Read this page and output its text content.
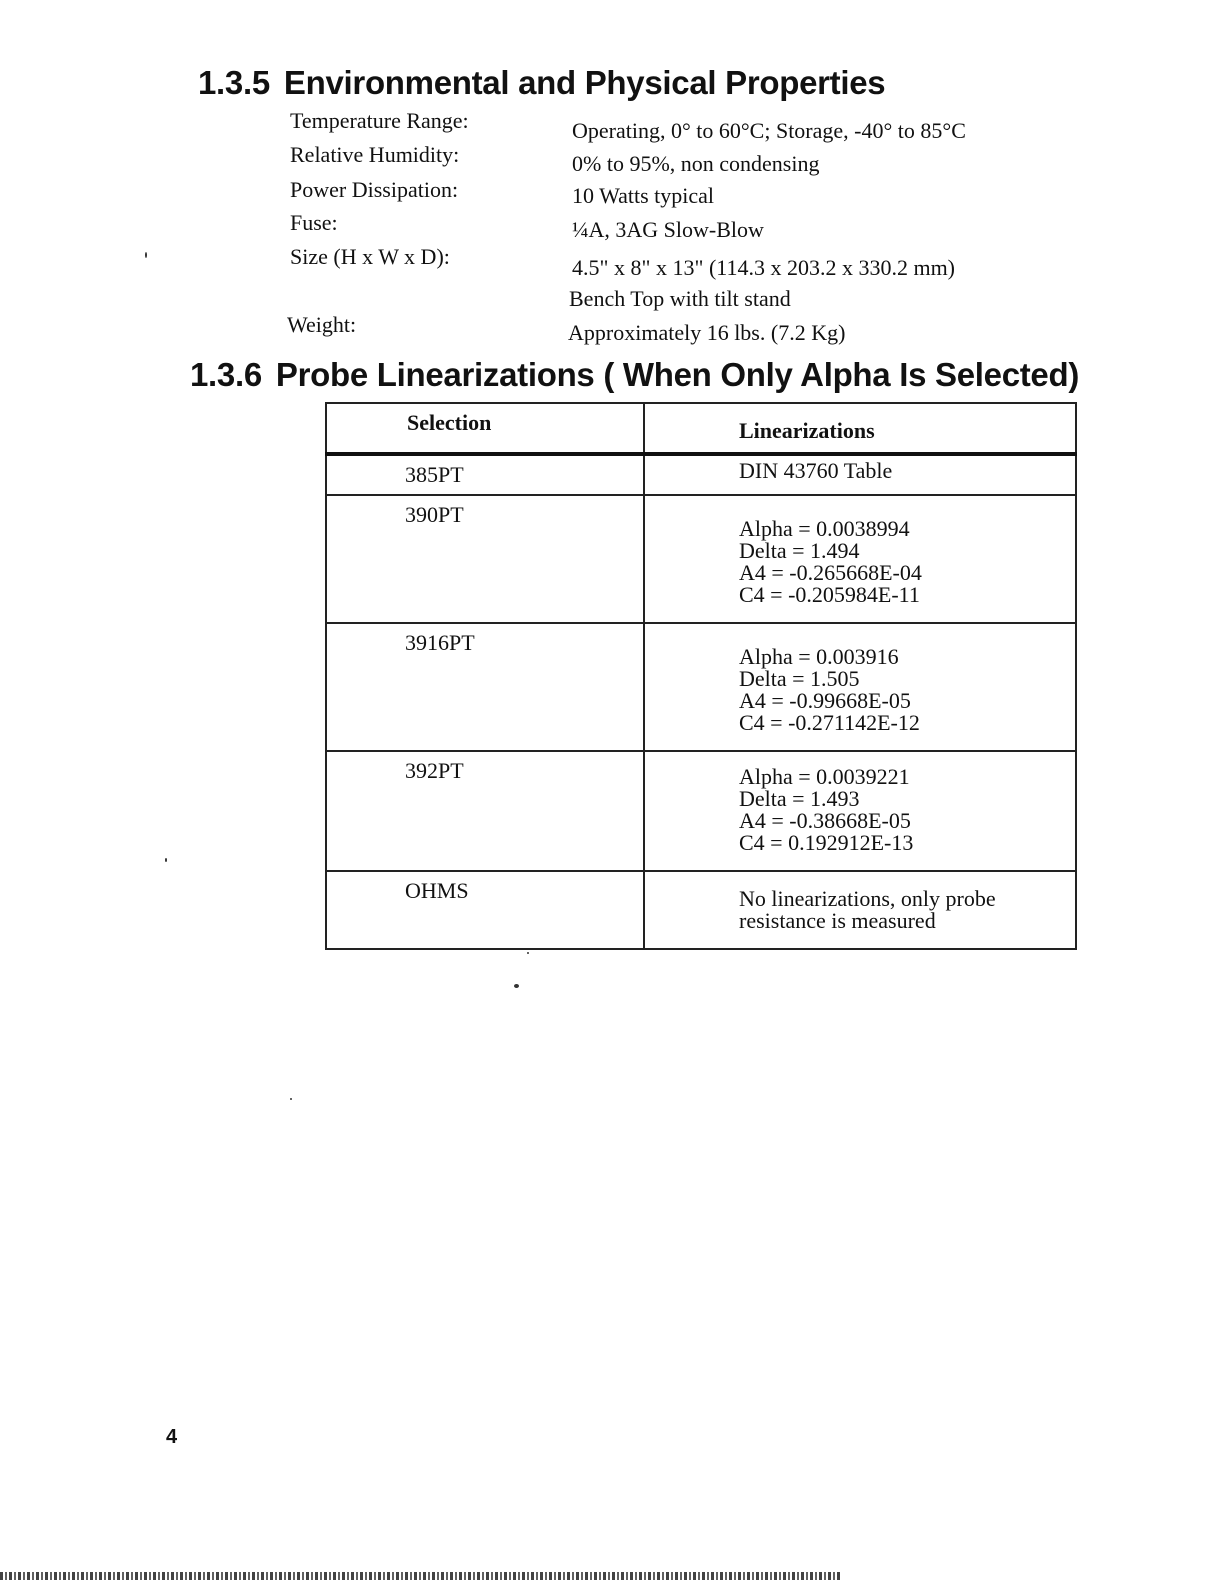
1.3.5 Environmental and Physical Properties
Temperature Range:	Operating, 0° to 60°C; Storage, -40° to 85°C
Relative Humidity:	0% to 95%, non condensing
Power Dissipation:	10 Watts typical
Fuse:	¼A, 3AG Slow-Blow
Size (H x W x D):	4.5" x 8" x 13" (114.3 x 203.2 x 330.2 mm)
Bench Top with tilt stand
Weight:	Approximately 16 lbs. (7.2 Kg)
1.3.6 Probe Linearizations ( When Only Alpha Is Selected)
Selection	Linearizations
385PT	DIN 43760 Table

390PT	Alpha = 0.0038994
Delta = 1.494
A4 = -0.265668E-04
C4 = -0.205984E-11

3916PT	Alpha = 0.003916
Delta = 1.505
A4 = -0.99668E-05
C4 = -0.271142E-12

392PT	Alpha = 0.0039221
Delta = 1.493
A4 = -0.38668E-05
C4 = 0.192912E-13

OHMS	No linearizations, only probe
resistance is measured
4
